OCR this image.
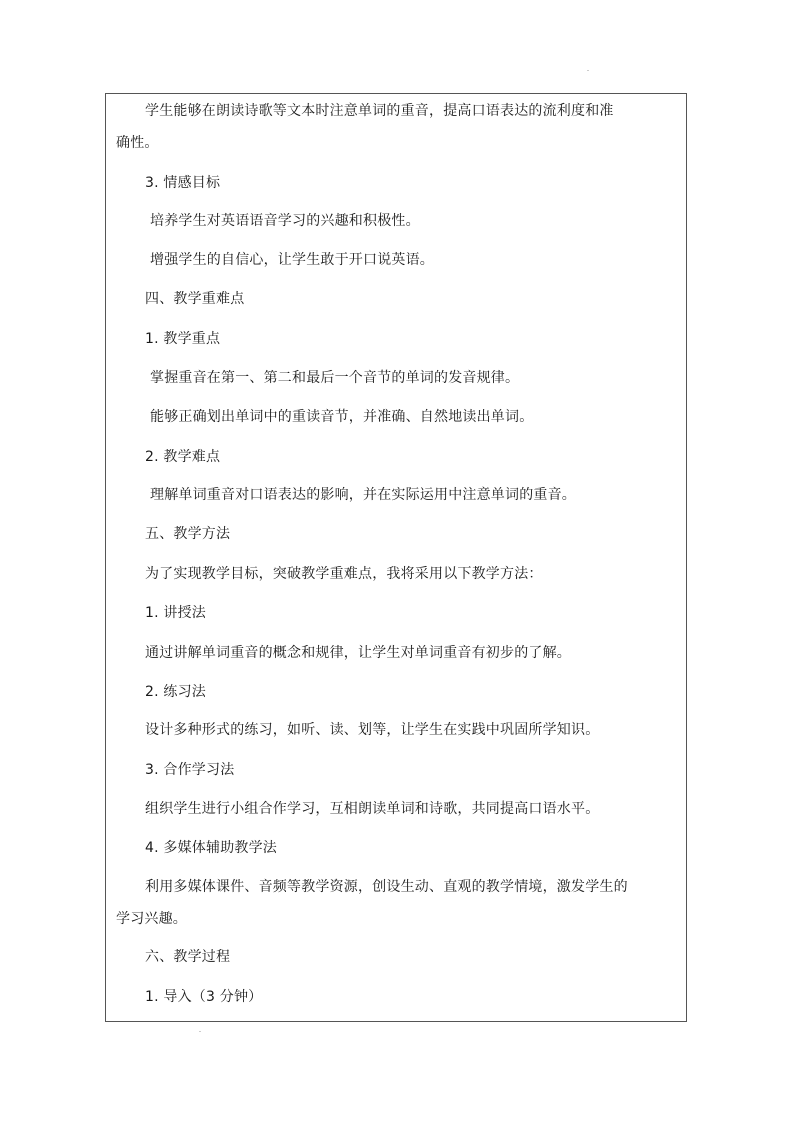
学生能够在朗读诗歌等文本时注意单词的重音，提高口语表达的流利度和准
确性。
3. 情感目标
培养学生对英语语音学习的兴趣和积极性。
增强学生的自信心，让学生敢于开口说英语。
四、教学重难点
1. 教学重点
掌握重音在第一、第二和最后一个音节的单词的发音规律。
能够正确划出单词中的重读音节，并准确、自然地读出单词。
2. 教学难点
理解单词重音对口语表达的影响，并在实际运用中注意单词的重音。
五、教学方法
为了实现教学目标，突破教学重难点，我将采用以下教学方法：
1. 讲授法
通过讲解单词重音的概念和规律，让学生对单词重音有初步的了解。
2. 练习法
设计多种形式的练习，如听、读、划等，让学生在实践中巩固所学知识。
3. 合作学习法
组织学生进行小组合作学习，互相朗读单词和诗歌，共同提高口语水平。
4. 多媒体辅助教学法
利用多媒体课件、音频等教学资源，创设生动、直观的教学情境，激发学生的
学习兴趣。
六、教学过程
1. 导入（3 分钟）
